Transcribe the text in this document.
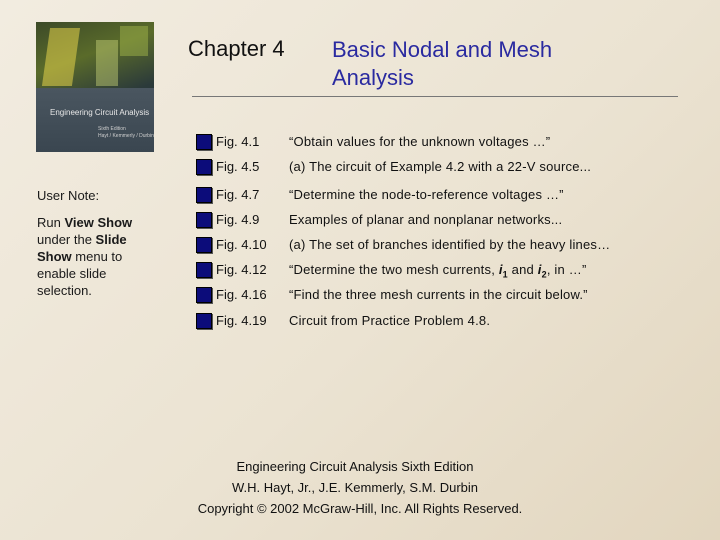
Engineering Circuit Analysis
Sixth Edition
Hayt / Kemmerly / Durbin
Chapter 4 Basic Nodal and Mesh
Analysis
User Note:
Run View Show
under the Slide
Show menu to enable slide selection.
Fig. 4.1 “Obtain values for the unknown voltages …”
Fig. 4.5 (a) The circuit of Example 4.2 with a 22-V source...
Fig. 4.7 “Determine the node-to-reference voltages …”
Fig. 4.9 Examples of planar and nonplanar networks...
Fig. 4.10 (a) The set of branches identified by the heavy lines…
Fig. 4.12 “Determine the two mesh currents, $i_1$ and $i_2$, in …”
Fig. 4.16 “Find the three mesh currents in the circuit below.”
Fig. 4.19 Circuit from Practice Problem 4.8.
Engineering Circuit Analysis Sixth Edition
W.H. Hayt, Jr., J.E. Kemmerly, S.M. Durbin
Copyright © 2002 McGraw-Hill, Inc. All Rights Reserved.
